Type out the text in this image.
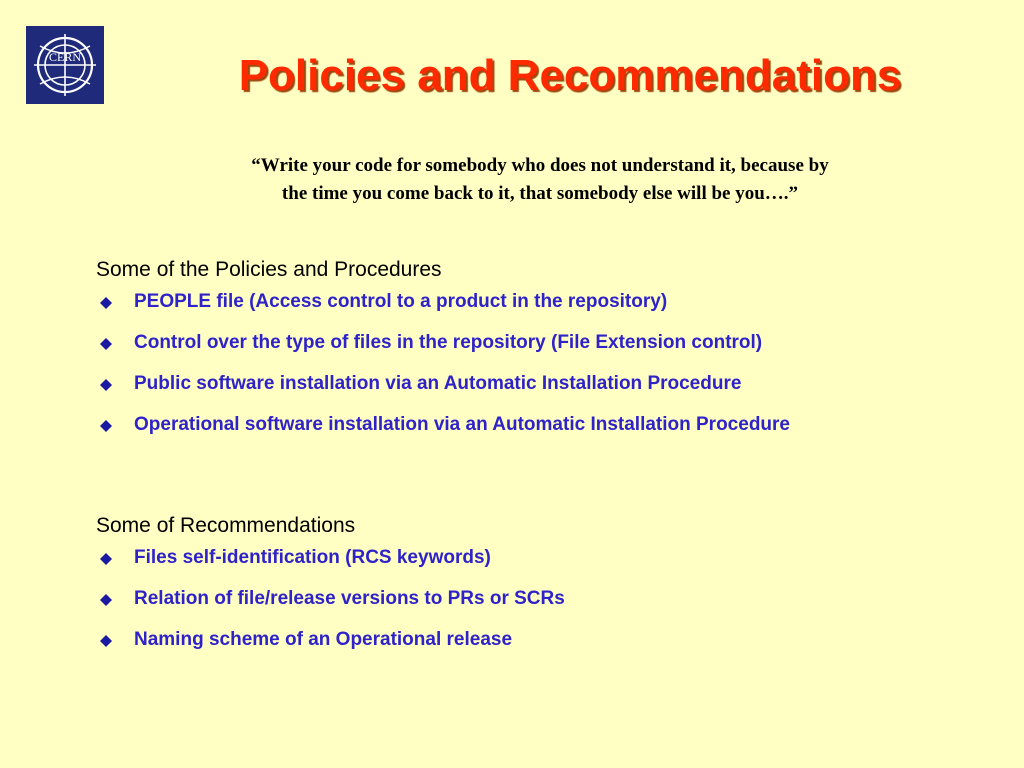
CERN	Policies and Recommendations
“Write your code for somebody who does not understand it, because by
the time you come back to it, that somebody else will be you….”
Some of the Policies and Procedures
PEOPLE file (Access control to a product in the repository)
Control over the type of files in the repository (File Extension control)
Public software installation via an Automatic Installation Procedure
Operational software installation via an Automatic Installation Procedure
Some of Recommendations
Files self-identification (RCS keywords)
Relation of file/release versions to PRs or SCRs
Naming scheme of an Operational release
